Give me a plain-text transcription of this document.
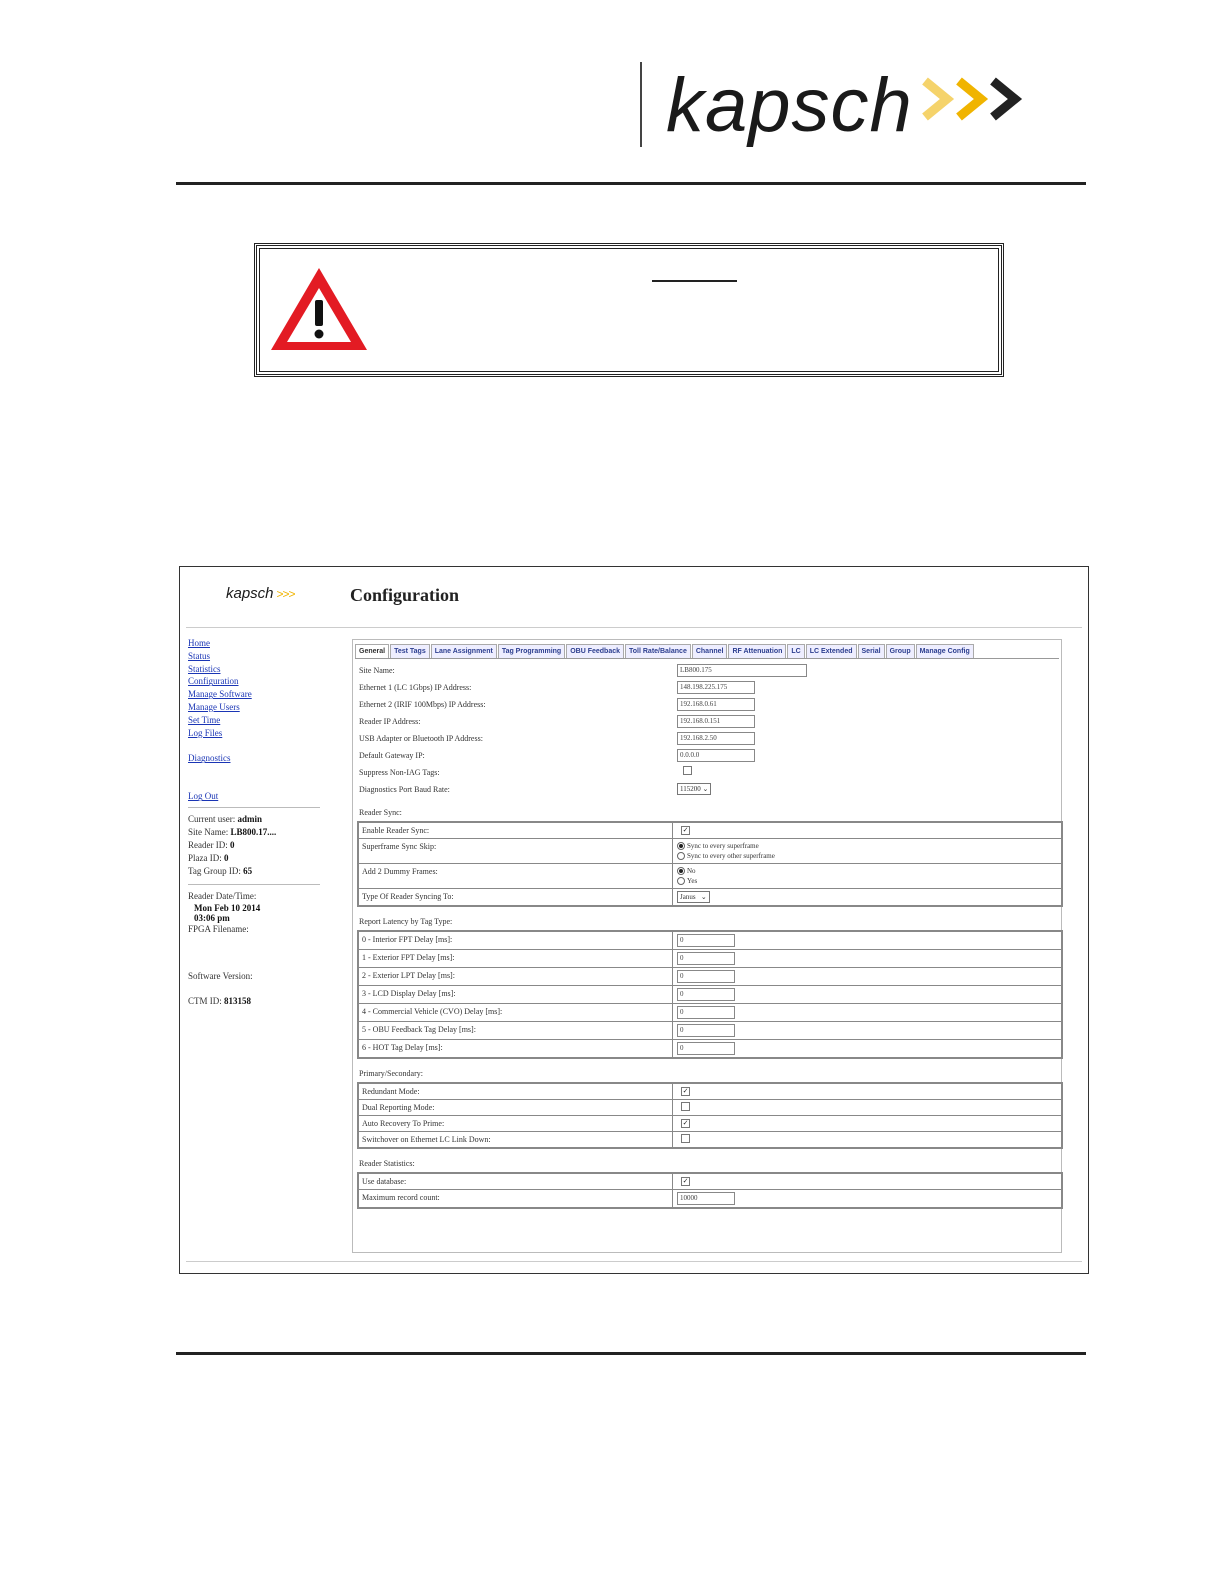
kapsch
kapsch >>>	Configuration
Home
Status
Statistics
Configuration
Manage Software
Manage Users
Set Time
Log Files
Diagnostics
Log Out
Current user: admin
Site Name: LB800.17....
Reader ID: 0
Plaza ID: 0
Tag Group ID: 65
Reader Date/Time:
Mon Feb 10 2014
03:06 pm
FPGA Filename:
Software Version:
CTM ID: 813158
General	Test Tags	Lane Assignment	Tag Programming	OBU Feedback	Toll Rate/Balance	Channel	RF Attenuation	LC	LC Extended	Serial	Group	Manage Config
Site Name:	LB800.175
Ethernet 1 (LC 1Gbps) IP Address:	148.198.225.175
Ethernet 2 (IRIF 100Mbps) IP Address:	192.168.0.61
Reader IP Address:	192.168.0.151
USB Adapter or Bluetooth IP Address:	192.168.2.50
Default Gateway IP:	0.0.0.0
Suppress Non-IAG Tags:
Diagnostics Port Baud Rate:	115200 ⌄
Reader Sync:
Enable Reader Sync:	✓
Superframe Sync Skip:	Sync to every superframe
Sync to every other superframe
Add 2 Dummy Frames:	No
Yes
Type Of Reader Syncing To:	Janus ⌄
Report Latency by Tag Type:
0 - Interior FPT Delay [ms]:	0
1 - Exterior FPT Delay [ms]:	0
2 - Exterior LPT Delay [ms]:	0
3 - LCD Display Delay [ms]:	0
4 - Commercial Vehicle (CVO) Delay [ms]:	0
5 - OBU Feedback Tag Delay [ms]:	0
6 - HOT Tag Delay [ms]:	0
Primary/Secondary:
Redundant Mode:	✓
Dual Reporting Mode:
Auto Recovery To Prime:	✓
Switchover on Ethernet LC Link Down:
Reader Statistics:
Use database:	✓
Maximum record count:	10000
